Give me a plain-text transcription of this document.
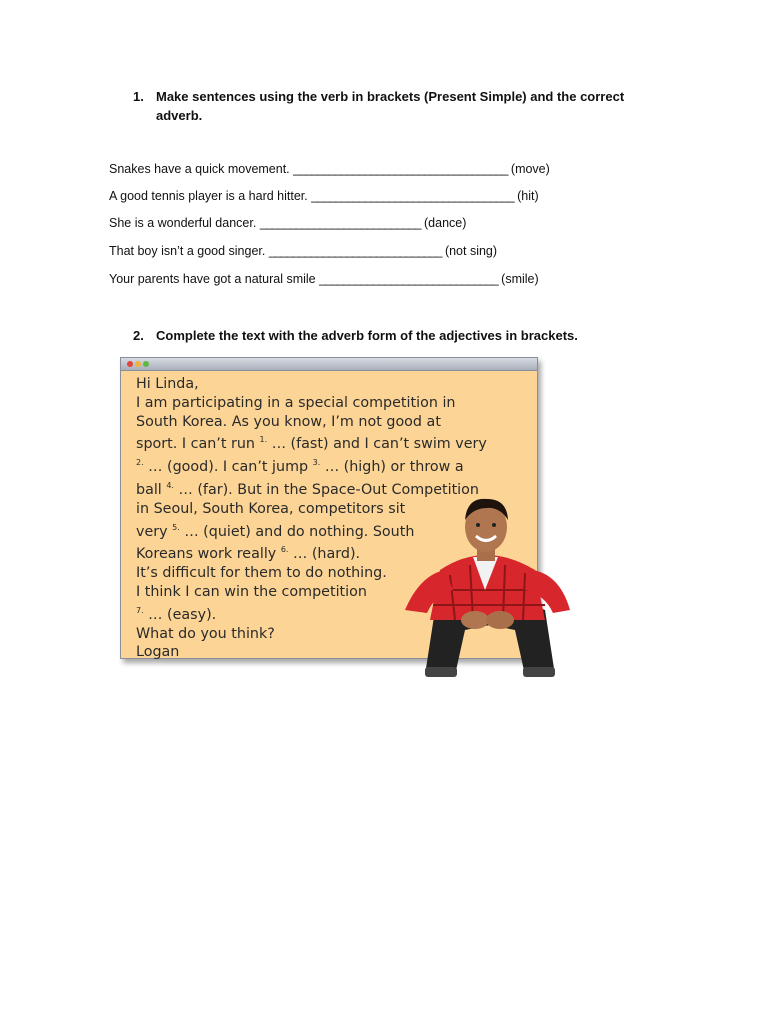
1. Make sentences using the verb in brackets (Present Simple) and the correct adverb.
Snakes have a quick movement. ____________________________________ (move)
A good tennis player is a hard hitter. __________________________________ (hit)
She is a wonderful dancer. ___________________________ (dance)
That boy isn’t a good singer. _____________________________ (not sing)
Your parents have got a natural smile ______________________________ (smile)
2. Complete the text with the adverb form of the adjectives in brackets.
Hi Linda,
I am participating in a special competition in
South Korea. As you know, I’m not good at
sport. I can’t run $^{1.}$ … (fast) and I can’t swim very
$^{2.}$ … (good). I can’t jump $^{3.}$ … (high) or throw a
ball $^{4.}$ … (far). But in the Space-Out Competition
in Seoul, South Korea, competitors sit
very $^{5.}$ … (quiet) and do nothing. South
Koreans work really $^{6.}$ … (hard).
It’s difficult for them to do nothing.
I think I can win the competition
$^{7.}$ … (easy).
What do you think?
Logan
